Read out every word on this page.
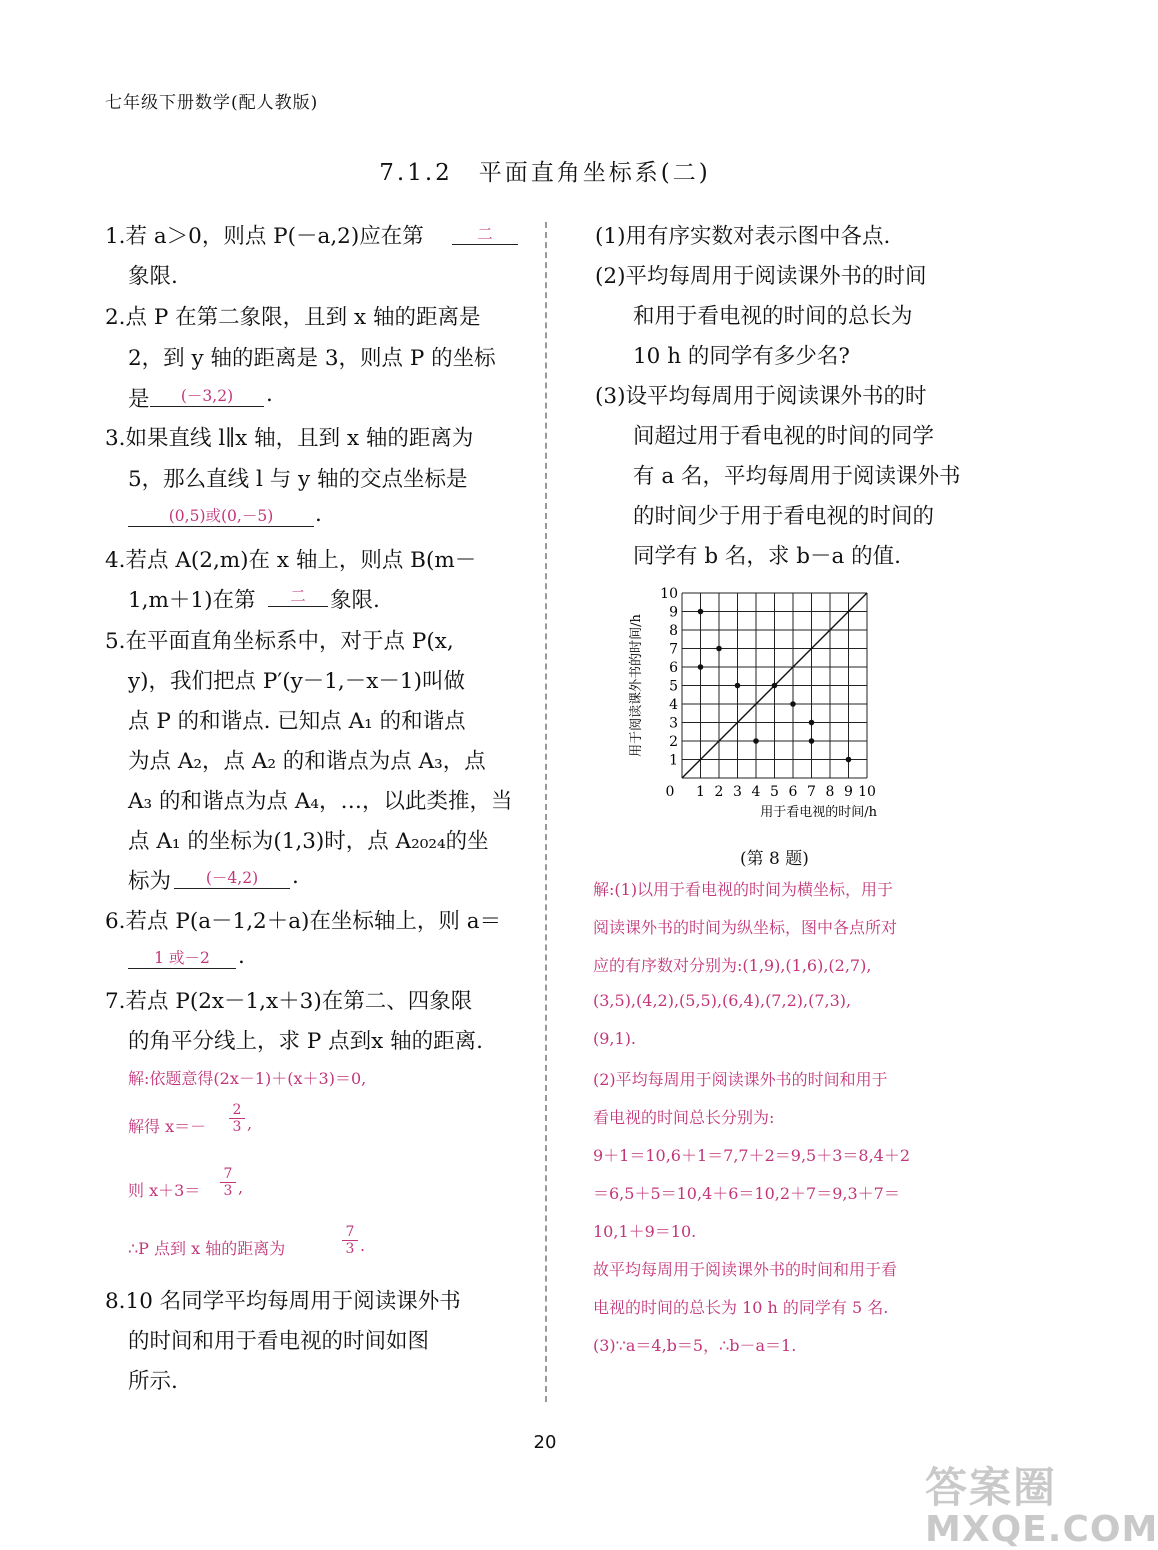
七年级下册数学(配人教版)
7.1.2　平面直角坐标系(二)
1.若 a＞0，则点 P(－a,2)应在第	二
象限.
2.点 P 在第二象限，且到 x 轴的距离是
2，到 y 轴的距离是 3，则点 P 的坐标
是	(－3,2)	.
3.如果直线 l∥x 轴，且到 x 轴的距离为
5，那么直线 l 与 y 轴的交点坐标是
(0,5)或(0,－5)	.
4.若点 A(2,m)在 x 轴上，则点 B(m－
1,m＋1)在第	二	象限.
5.在平面直角坐标系中，对于点 P(x,
y)，我们把点 P′(y－1,－x－1)叫做
点 P 的和谐点. 已知点 A₁ 的和谐点
为点 A₂，点 A₂ 的和谐点为点 A₃，点
A₃ 的和谐点为点 A₄，…，以此类推，当
点 A₁ 的坐标为(1,3)时，点 A₂₀₂₄的坐
标为	(－4,2)	.
6.若点 P(a－1,2＋a)在坐标轴上，则 a＝
1 或－2	.
7.若点 P(2x－1,x＋3)在第二、四象限
的角平分线上，求 P 点到x 轴的距离.
解:依题意得(2x－1)＋(x＋3)＝0,
解得 $x=- \frac{2}{3}$ ,
则 $x+3= \frac{7}{3}$ ,
∴P 点到 x 轴的距离为	$\frac{7}{3}$ .
8.10 名同学平均每周用于阅读课外书
的时间和用于看电视的时间如图
所示.
(1)用有序实数对表示图中各点.
(2)平均每周用于阅读课外书的时间
和用于看电视的时间的总长为
10 h 的同学有多少名?
(3)设平均每周用于阅读课外书的时
间超过用于看电视的时间的同学
有 a 名，平均每周用于阅读课外书
的时间少于用于看电视的时间的
同学有 b 名，求 b－a 的值.
1 2 3 4 5 6 7 8 9 10
1
2
3
4
5
6
7
8
9
10
0
用于看电视的时间/h
用于阅读课外书的时间/h
(第 8 题)
解:(1)以用于看电视的时间为横坐标，用于
阅读课外书的时间为纵坐标，图中各点所对
应的有序数对分别为:(1,9),(1,6),(2,7),
(3,5),(4,2),(5,5),(6,4),(7,2),(7,3),
(9,1).
(2)平均每周用于阅读课外书的时间和用于
看电视的时间总长分别为:
9＋1＝10,6＋1＝7,7＋2＝9,5＋3＝8,4＋2
＝6,5＋5＝10,4＋6＝10,2＋7＝9,3＋7＝
10,1＋9＝10.
故平均每周用于阅读课外书的时间和用于看
电视的时间的总长为 10 h 的同学有 5 名.
(3)∵a＝4,b＝5，∴b－a＝1.
20
答案圈
MXQE.COM
